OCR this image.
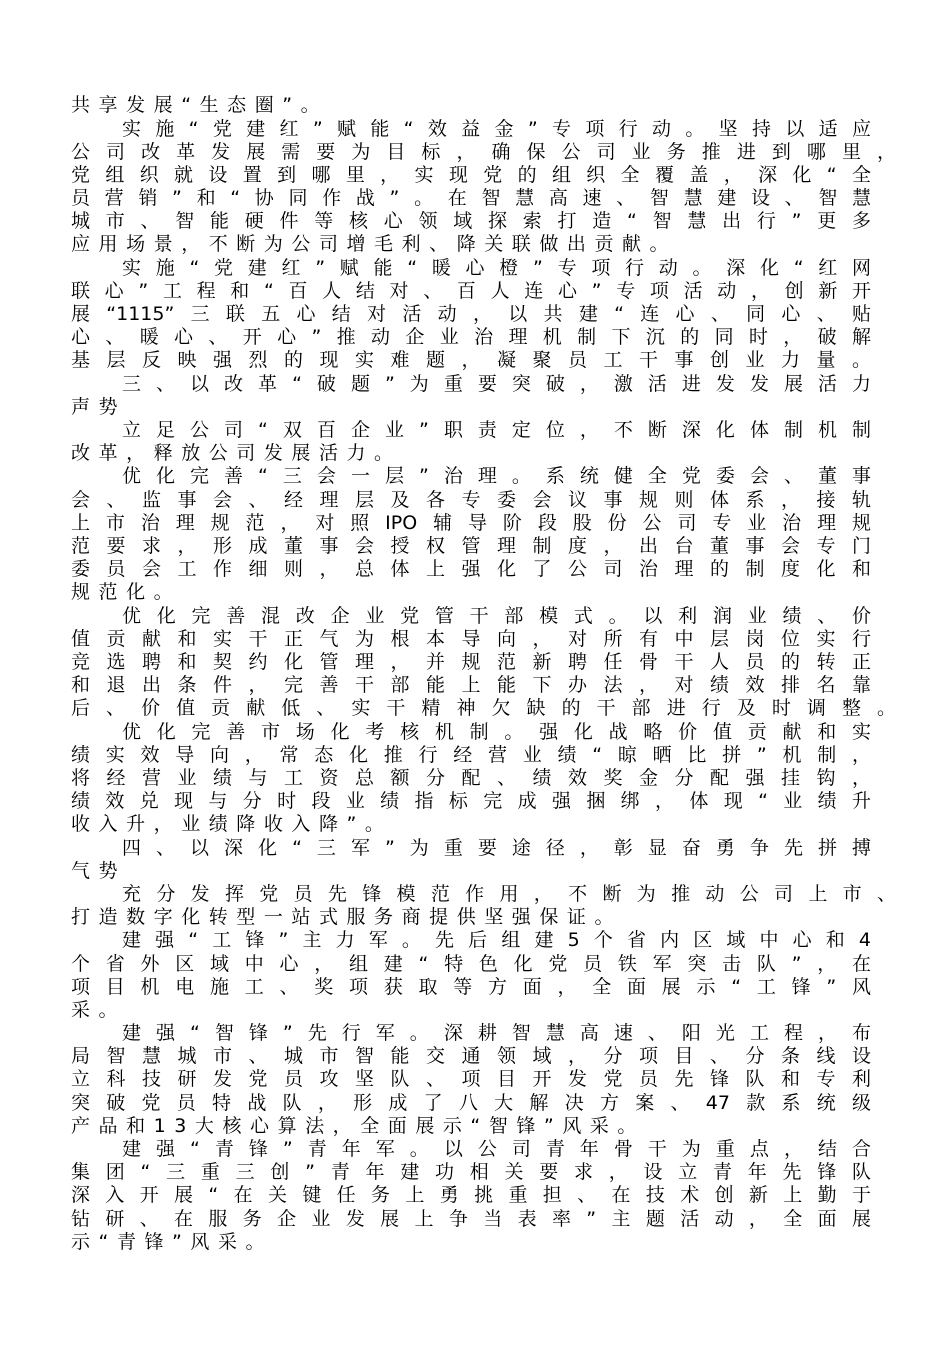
共享发展“生态圈”。
实施“党建红”赋能“效益金”专项行动。坚持以适应
公司改革发展需要为目标，确保公司业务推进到哪里，
党组织就设置到哪里，实现党的组织全覆盖，深化“全
员营销”和“协同作战”。在智慧高速、智慧建设、智慧
城市、智能硬件等核心领域探索打造“智慧出行”更多
应用场景，不断为公司增毛利、降关联做出贡献。
实施“党建红”赋能“暖心橙”专项行动。深化“红网
联心”工程和“百人结对、百人连心”专项活动，创新开
展“1115”三联五心结对活动，以共建“连心、同心、贴
心、暖心、开心”推动企业治理机制下沉的同时，破解
基层反映强烈的现实难题，凝聚员工干事创业力量。
三、以改革“破题”为重要突破，激活进发发展活力
声势
立足公司“双百企业”职责定位，不断深化体制机制
改革，释放公司发展活力。
优化完善“三会一层”治理。系统健全党委会、董事
会、监事会、经理层及各专委会议事规则体系，接轨
上市治理规范，对照IPO辅导阶段股份公司专业治理规
范要求，形成董事会授权管理制度，出台董事会专门
委员会工作细则，总体上强化了公司治理的制度化和
规范化。
优化完善混改企业党管干部模式。以利润业绩、价
值贡献和实干正气为根本导向，对所有中层岗位实行
竞选聘和契约化管理，并规范新聘任骨干人员的转正
和退出条件，完善干部能上能下办法，对绩效排名靠
后、价值贡献低、实干精神欠缺的干部进行及时调整。
优化完善市场化考核机制。强化战略价值贡献和实
绩实效导向，常态化推行经营业绩“晾晒比拼”机制，
将经营业绩与工资总额分配、绩效奖金分配强挂钩，
绩效兑现与分时段业绩指标完成强捆绑，体现“业绩升
收入升，业绩降收入降”。
四、以深化“三军”为重要途径，彰显奋勇争先拼搏
气势
充分发挥党员先锋模范作用，不断为推动公司上市、
打造数字化转型一站式服务商提供坚强保证。
建强“工锋”主力军。先后组建5个省内区域中心和4
个省外区域中心，组建“特色化党员铁军突击队”，在
项目机电施工、奖项获取等方面，全面展示“工锋”风
采。
建强“智锋”先行军。深耕智慧高速、阳光工程，布
局智慧城市、城市智能交通领域，分项目、分条线设
立科技研发党员攻坚队、项目开发党员先锋队和专利
突破党员特战队，形成了八大解决方案、47款系统级
产品和13大核心算法，全面展示“智锋”风采。
建强“青锋”青年军。以公司青年骨干为重点，结合
集团“三重三创”青年建功相关要求，设立青年先锋队
深入开展“在关键任务上勇挑重担、在技术创新上勤于
钻研、在服务企业发展上争当表率”主题活动，全面展
示“青锋”风采。
